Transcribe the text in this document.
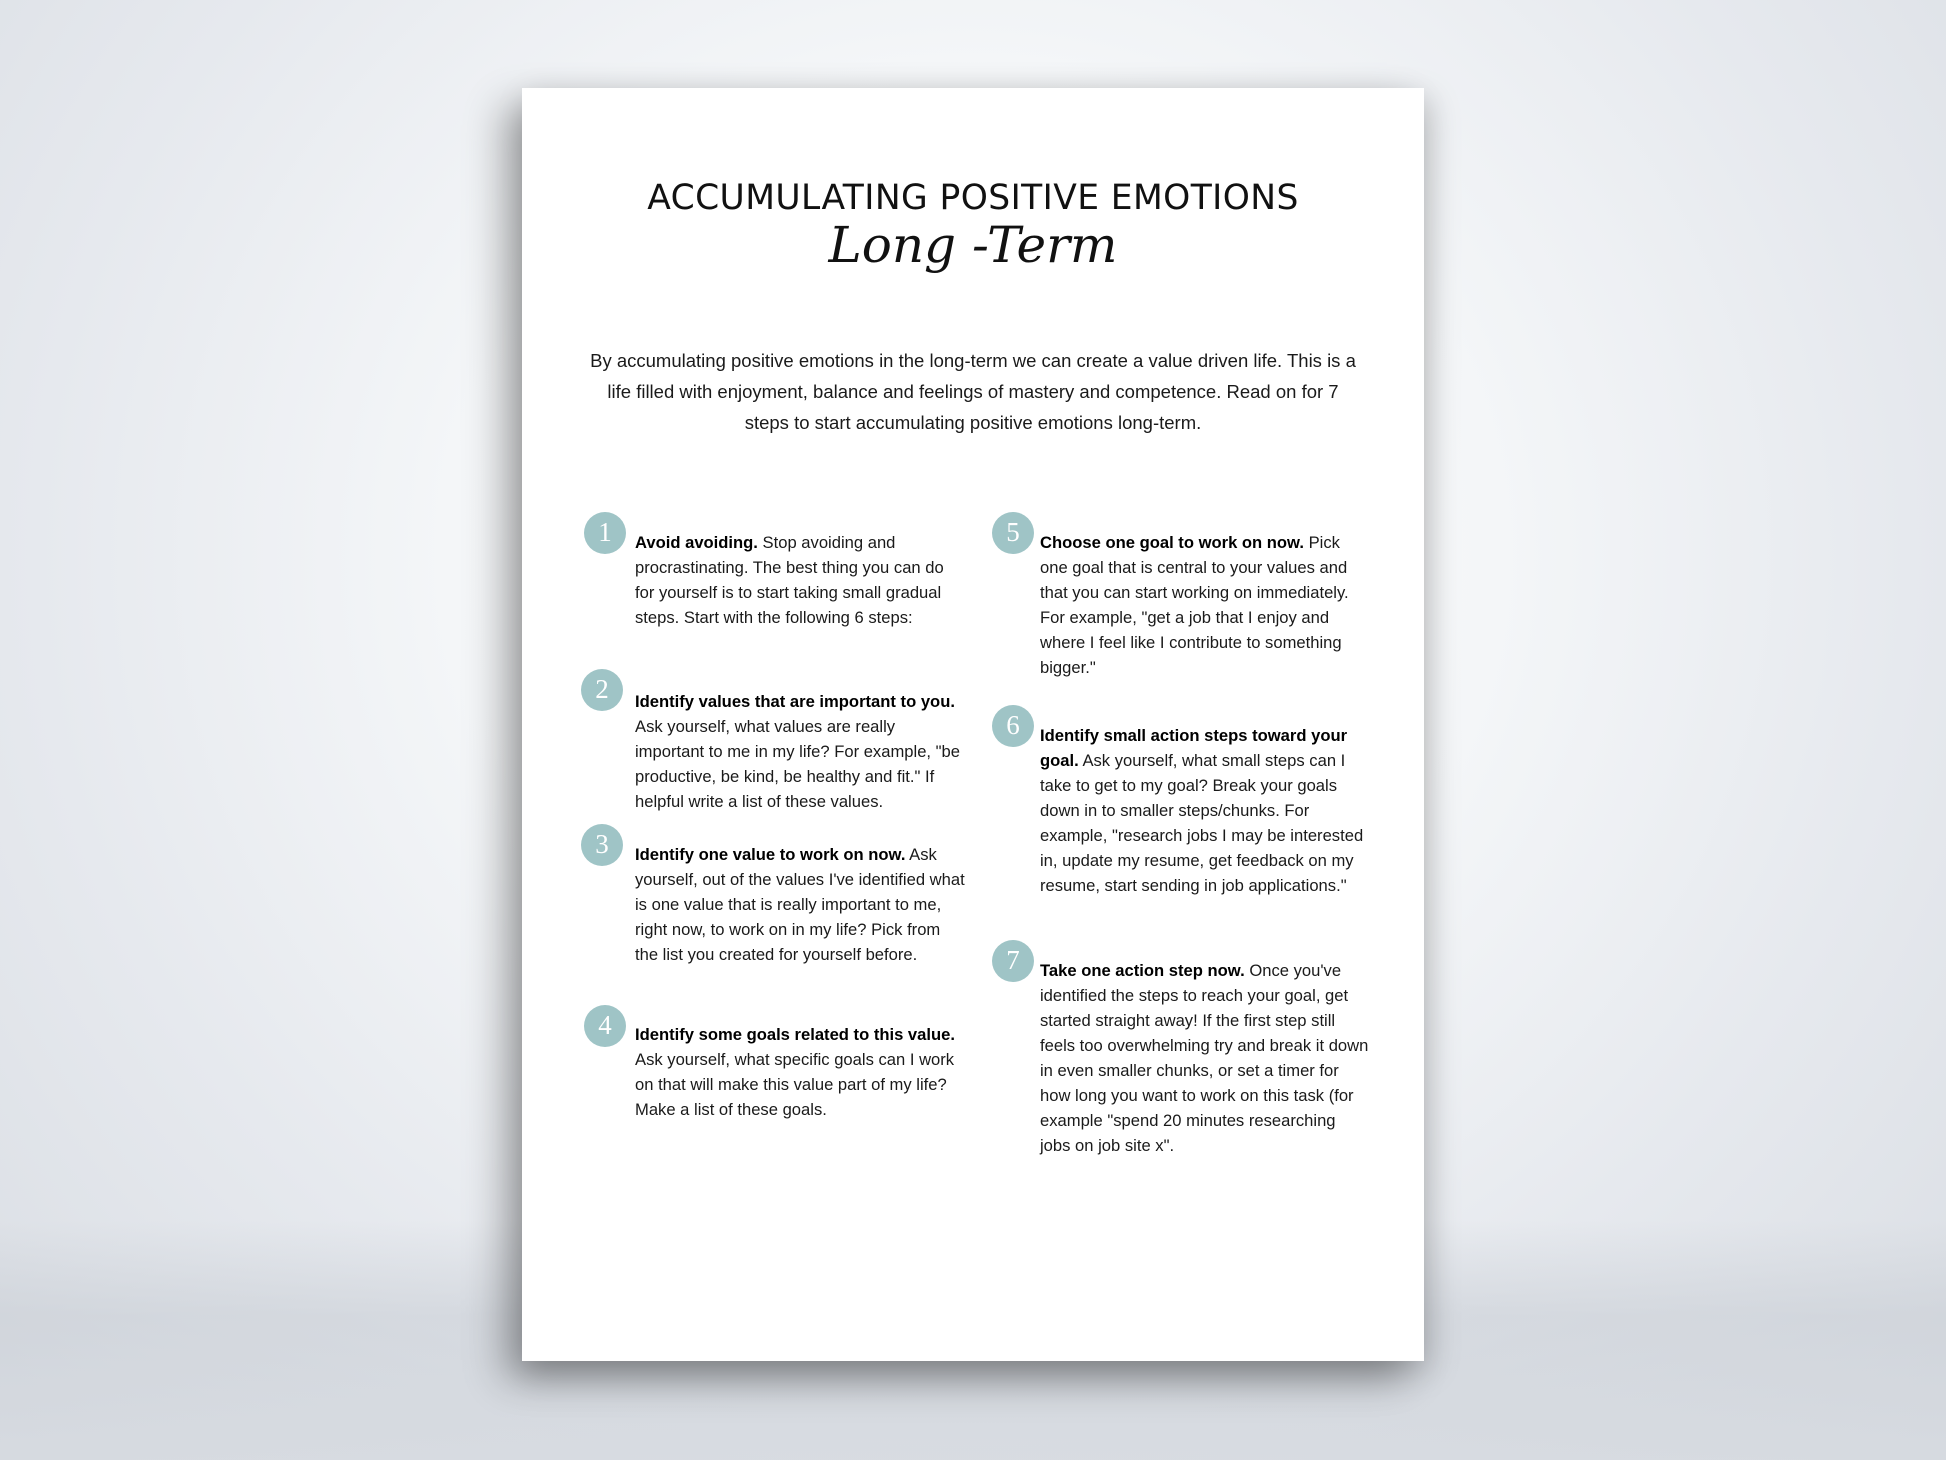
ACCUMULATING POSITIVE EMOTIONS
Long -Term

By accumulating positive emotions in the long-term we can create a value driven life. This is a life filled with enjoyment, balance and feelings of mastery and competence. Read on for 7 steps to start accumulating positive emotions long-term.

1	Avoid avoiding. Stop avoiding and procrastinating. The best thing you can do for yourself is to start taking small gradual steps. Start with the following 6 steps:

2	Identify values that are important to you. Ask yourself, what values are really important to me in my life? For example, "be productive, be kind, be healthy and fit." If helpful write a list of these values.

3	Identify one value to work on now. Ask yourself, out of the values I've identified what is one value that is really important to me, right now, to work on in my life? Pick from the list you created for yourself before.

4	Identify some goals related to this value. Ask yourself, what specific goals can I work on that will make this value part of my life? Make a list of these goals.

5	Choose one goal to work on now. Pick one goal that is central to your values and that you can start working on immediately. For example, "get a job that I enjoy and where I feel like I contribute to something bigger."

6	Identify small action steps toward your goal. Ask yourself, what small steps can I take to get to my goal? Break your goals down in to smaller steps/chunks. For example, "research jobs I may be interested in, update my resume, get feedback on my resume, start sending in job applications."

7	Take one action step now. Once you've identified the steps to reach your goal, get started straight away! If the first step still feels too overwhelming try and break it down in even smaller chunks, or set a timer for how long you want to work on this task (for example "spend 20 minutes researching jobs on job site x".
